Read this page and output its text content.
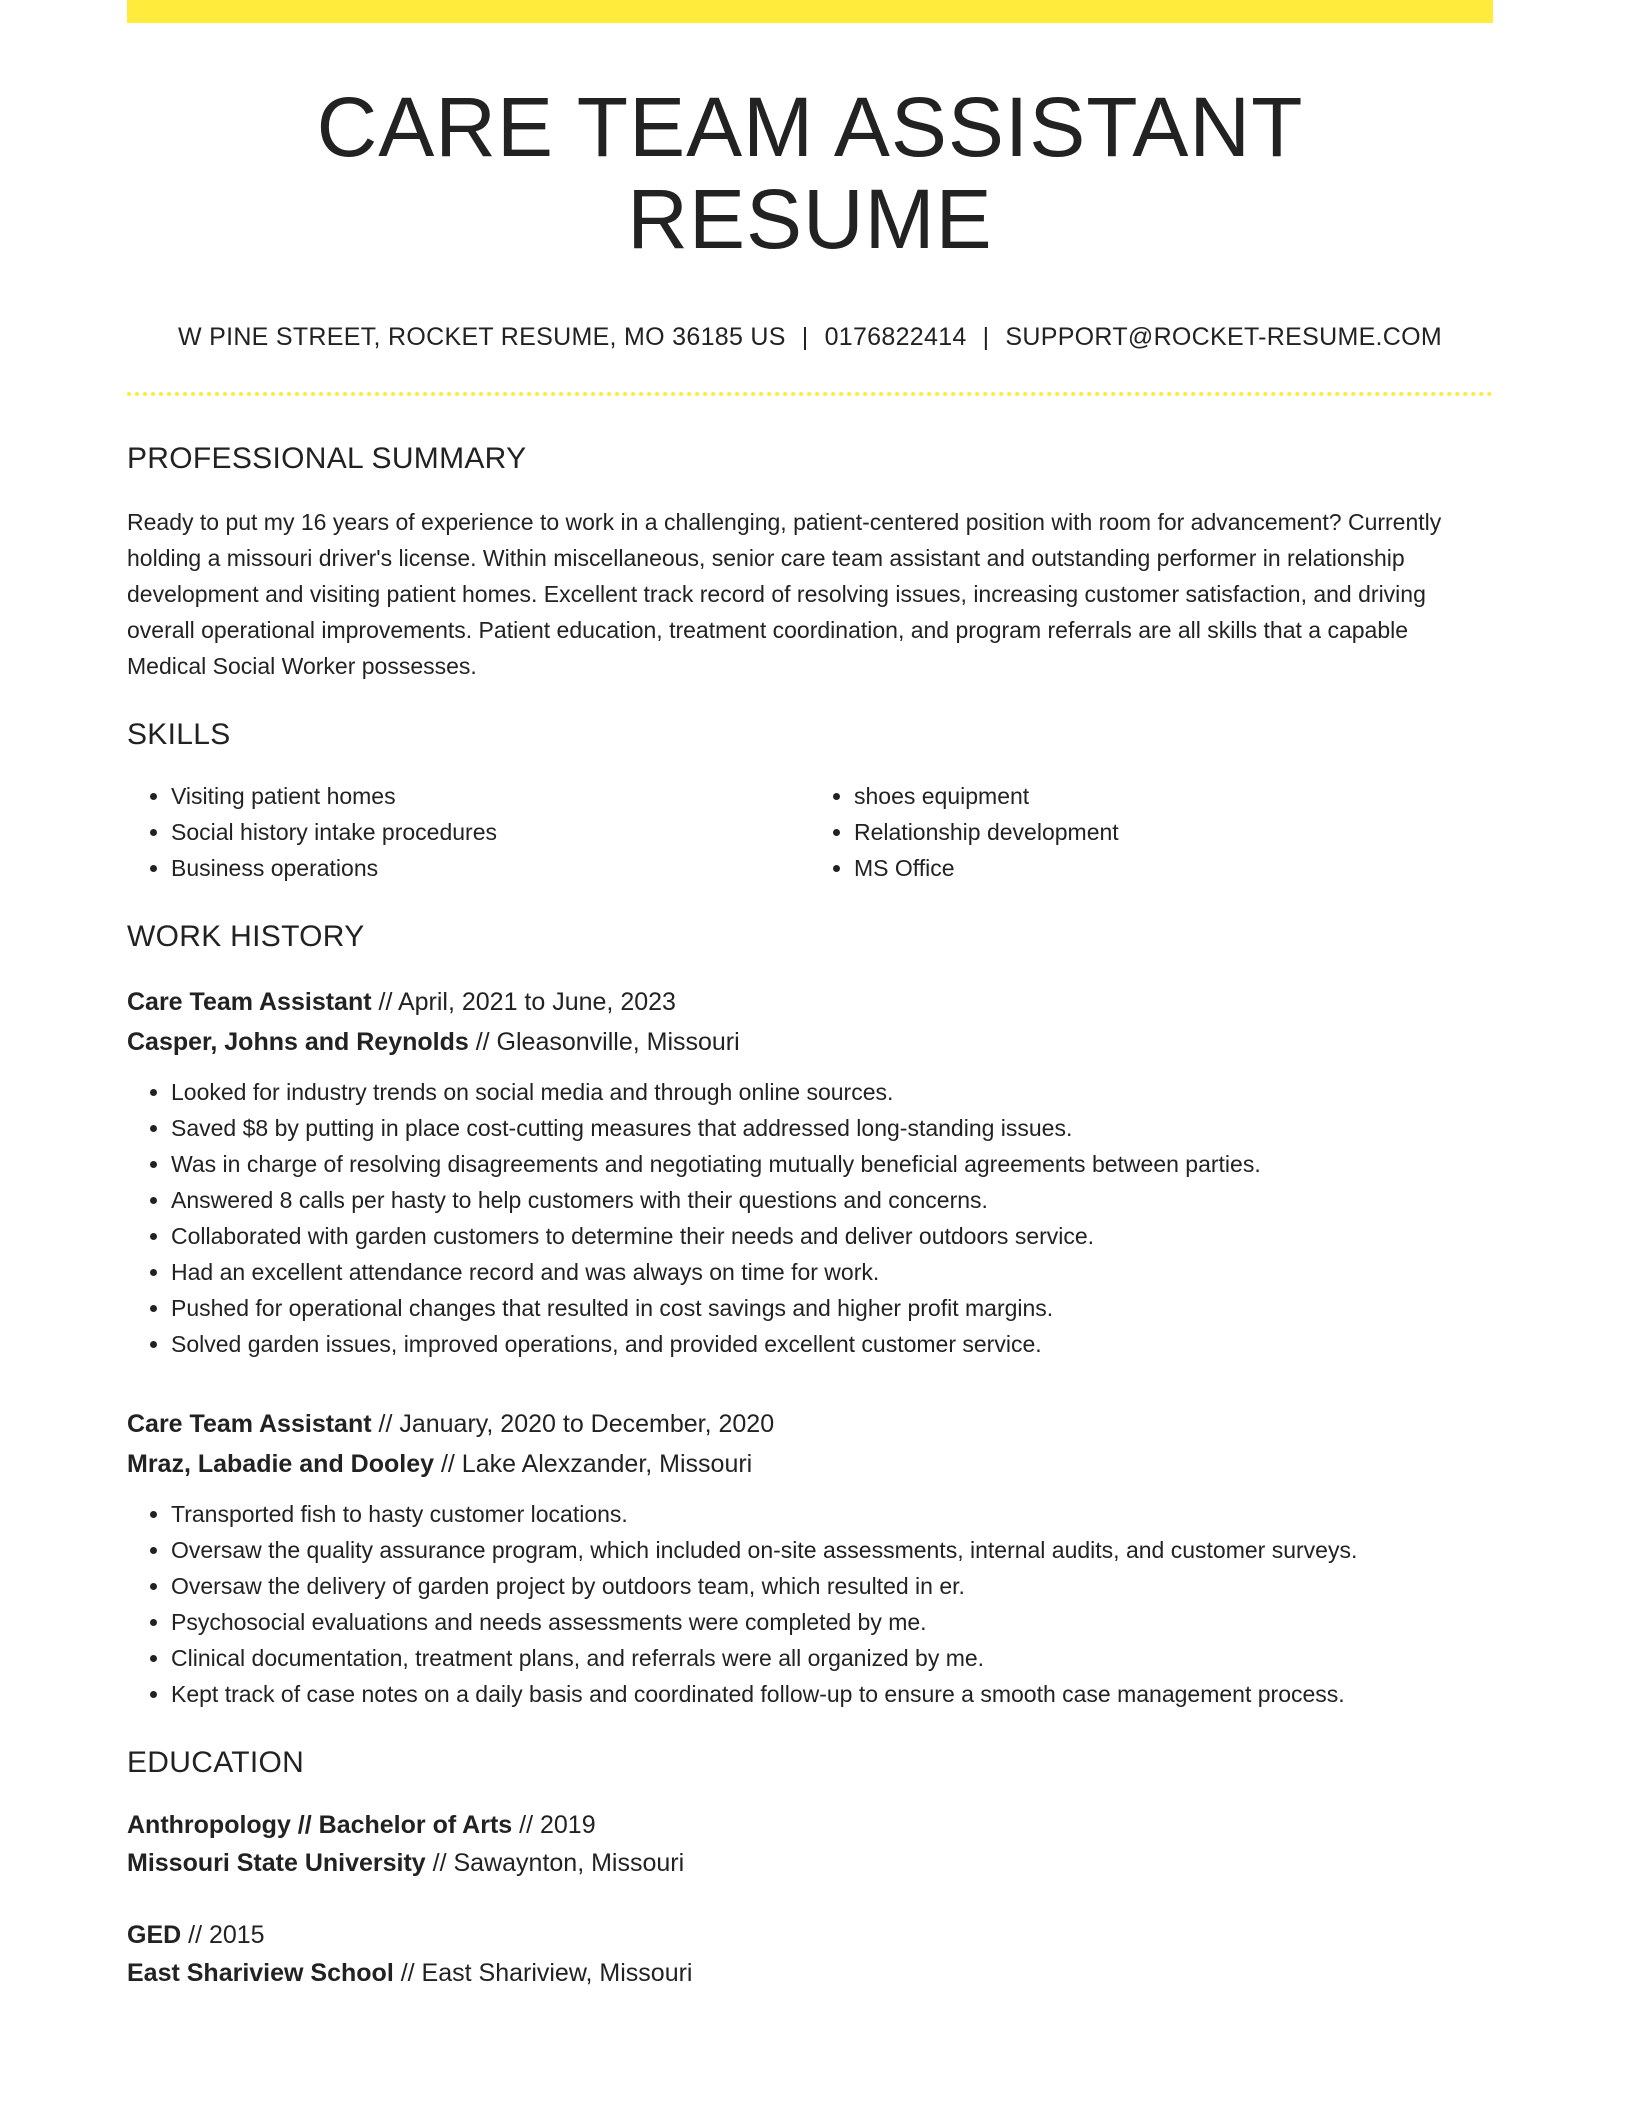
CARE TEAM ASSISTANT RESUME
W PINE STREET, ROCKET RESUME, MO 36185 US | 0176822414 | SUPPORT@ROCKET-RESUME.COM
PROFESSIONAL SUMMARY

Ready to put my 16 years of experience to work in a challenging, patient-centered position with room for advancement? Currently holding a missouri driver's license. Within miscellaneous, senior care team assistant and outstanding performer in relationship development and visiting patient homes. Excellent track record of resolving issues, increasing customer satisfaction, and driving overall operational improvements. Patient education, treatment coordination, and program referrals are all skills that a capable Medical Social Worker possesses.

SKILLS
• Visiting patient homes
• Social history intake procedures
• Business operations
• shoes equipment
• Relationship development
• MS Office
WORK HISTORY
Care Team Assistant // April, 2021 to June, 2023
Casper, Johns and Reynolds // Gleasonville, Missouri
• Looked for industry trends on social media and through online sources.
• Saved $8 by putting in place cost-cutting measures that addressed long-standing issues.
• Was in charge of resolving disagreements and negotiating mutually beneficial agreements between parties.
• Answered 8 calls per hasty to help customers with their questions and concerns.
• Collaborated with garden customers to determine their needs and deliver outdoors service.
• Had an excellent attendance record and was always on time for work.
• Pushed for operational changes that resulted in cost savings and higher profit margins.
• Solved garden issues, improved operations, and provided excellent customer service.
Care Team Assistant // January, 2020 to December, 2020
Mraz, Labadie and Dooley // Lake Alexzander, Missouri
• Transported fish to hasty customer locations.
• Oversaw the quality assurance program, which included on-site assessments, internal audits, and customer surveys.
• Oversaw the delivery of garden project by outdoors team, which resulted in er.
• Psychosocial evaluations and needs assessments were completed by me.
• Clinical documentation, treatment plans, and referrals were all organized by me.
• Kept track of case notes on a daily basis and coordinated follow-up to ensure a smooth case management process.
EDUCATION
Anthropology // Bachelor of Arts // 2019
Missouri State University // Sawaynton, Missouri
GED // 2015
East Shariview School // East Shariview, Missouri
